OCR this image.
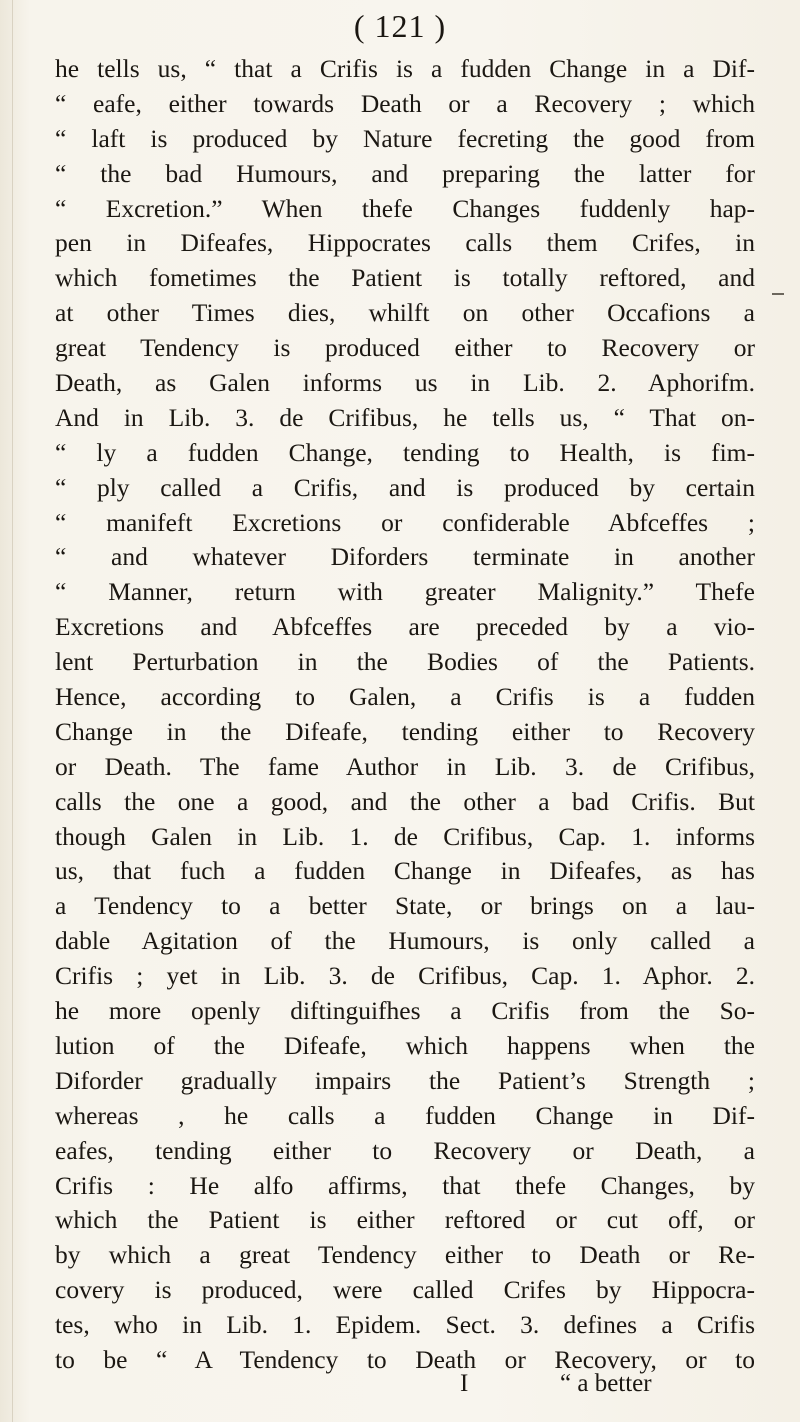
( 121 )
he tells us, “ that a Crifis is a fudden Change in a Dif-
“ eafe, either towards Death or a Recovery ; which
“ laft is produced by Nature fecreting the good from
“ the bad Humours, and preparing the latter for
“ Excretion.” When thefe Changes fuddenly hap-
pen in Difeafes, Hippocrates calls them Crifes, in
which fometimes the Patient is totally reftored, and
at other Times dies, whilft on other Occafions a
great Tendency is produced either to Recovery or
Death, as Galen informs us in Lib. 2. Aphorifm.
And in Lib. 3. de Crifibus, he tells us, “ That on-
“ ly a fudden Change, tending to Health, is fim-
“ ply called a Crifis, and is produced by certain
“ manifeft Excretions or confiderable Abfceffes ;
“ and whatever Diforders terminate in another
“ Manner, return with greater Malignity.” Thefe
Excretions and Abfceffes are preceded by a vio-
lent Perturbation in the Bodies of the Patients.
Hence, according to Galen, a Crifis is a fudden
Change in the Difeafe, tending either to Recovery
or Death. The fame Author in Lib. 3. de Crifibus,
calls the one a good, and the other a bad Crifis. But
though Galen in Lib. 1. de Crifibus, Cap. 1. informs
us, that fuch a fudden Change in Difeafes, as has
a Tendency to a better State, or brings on a lau-
dable Agitation of the Humours, is only called a
Crifis ; yet in Lib. 3. de Crifibus, Cap. 1. Aphor. 2.
he more openly diftinguifhes a Crifis from the So-
lution of the Difeafe, which happens when the
Diforder gradually impairs the Patient’s Strength ;
whereas , he calls a fudden Change in Dif-
eafes, tending either to Recovery or Death, a
Crifis : He alfo affirms, that thefe Changes, by
which the Patient is either reftored or cut off, or
by which a great Tendency either to Death or Re-
covery is produced, were called Crifes by Hippocra-
tes, who in Lib. 1. Epidem. Sect. 3. defines a Crifis
to be “ A Tendency to Death or Recovery, or to
I	“ a better
